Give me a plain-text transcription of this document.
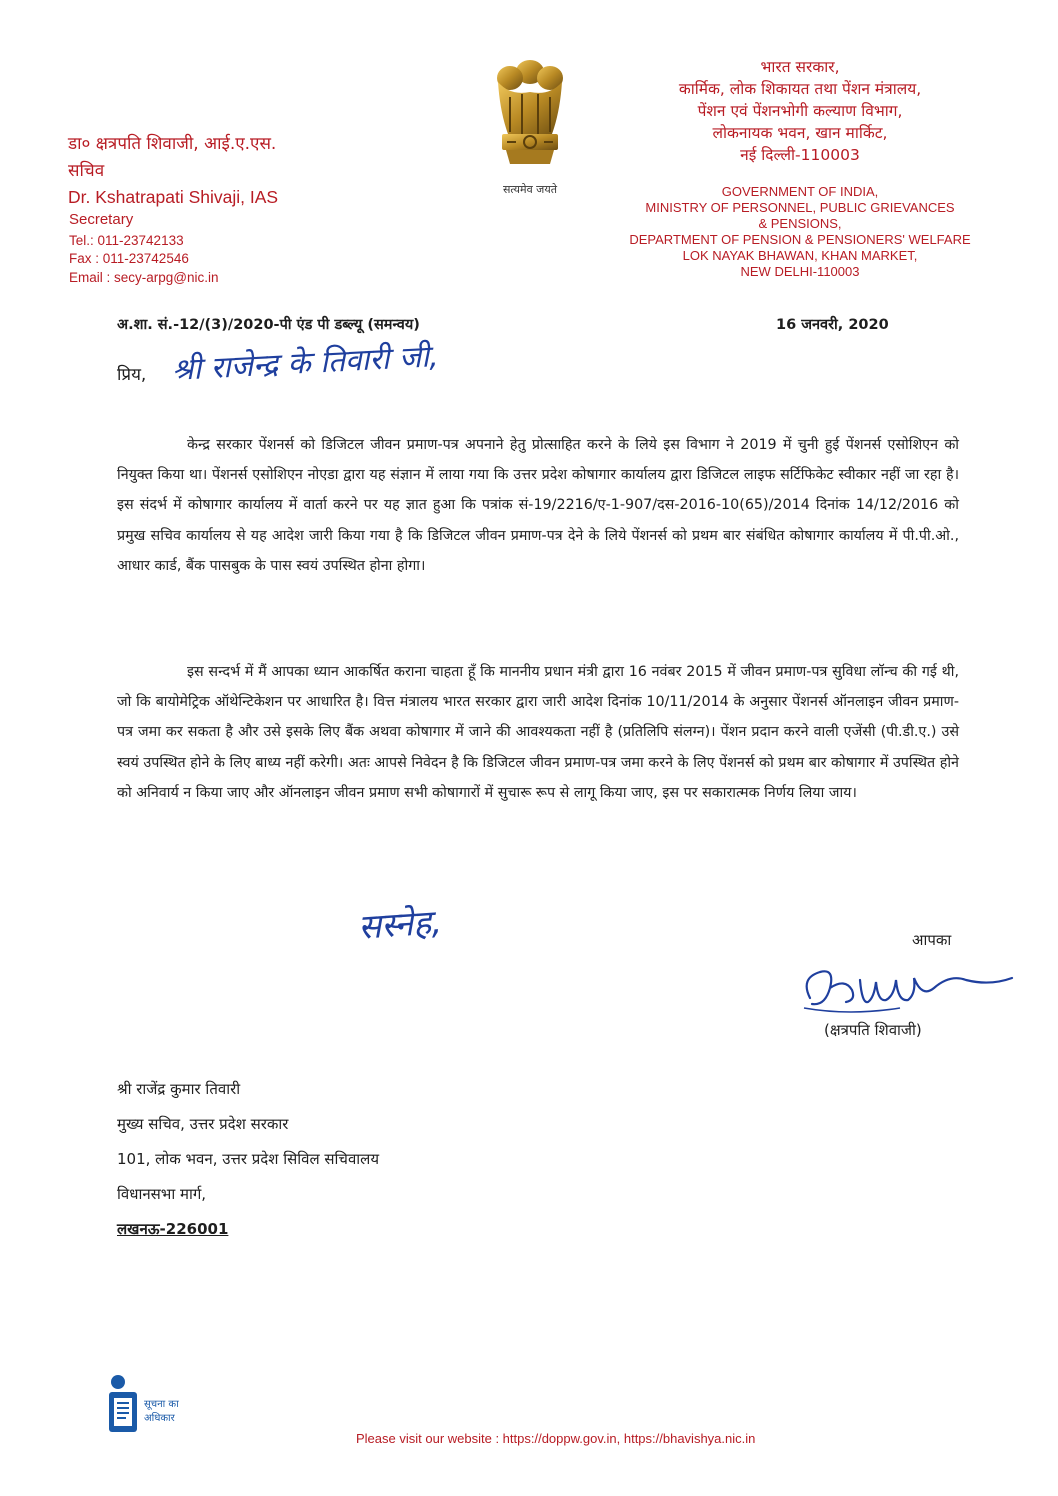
डा० क्षत्रपति शिवाजी, आई.ए.एस.
सचिव
Dr. Kshatrapati Shivaji, IAS
Secretary
Tel.: 011-23742133
Fax : 011-23742546
Email : secy-arpg@nic.in
सत्यमेव जयते
भारत सरकार,
कार्मिक, लोक शिकायत तथा पेंशन मंत्रालय,
पेंशन एवं पेंशनभोगी कल्याण विभाग,
लोकनायक भवन, खान मार्किट,
नई दिल्ली-110003
GOVERNMENT OF INDIA,
MINISTRY OF PERSONNEL, PUBLIC GRIEVANCES
& PENSIONS,
DEPARTMENT OF PENSION & PENSIONERS' WELFARE
LOK NAYAK BHAWAN, KHAN MARKET,
NEW DELHI-110003
अ.शा. सं.-12/(3)/2020-पी एंड पी डब्ल्यू (समन्वय)	16 जनवरी, 2020
प्रिय, श्री राजेन्द्र के तिवारी जी,
केन्द्र सरकार पेंशनर्स को डिजिटल जीवन प्रमाण-पत्र अपनाने हेतु प्रोत्साहित करने के लिये इस विभाग ने 2019 में चुनी हुई पेंशनर्स एसोशिएन को नियुक्त किया था। पेंशनर्स एसोशिएन नोएडा द्वारा यह संज्ञान में लाया गया कि उत्तर प्रदेश कोषागार कार्यालय द्वारा डिजिटल लाइफ सर्टिफिकेट स्वीकार नहीं जा रहा है। इस संदर्भ में कोषागार कार्यालय में वार्ता करने पर यह ज्ञात हुआ कि पत्रांक सं-19/2216/ए-1-907/दस-2016-10(65)/2014 दिनांक 14/12/2016 को प्रमुख सचिव कार्यालय से यह आदेश जारी किया गया है कि डिजिटल जीवन प्रमाण-पत्र देने के लिये पेंशनर्स को प्रथम बार संबंधित कोषागार कार्यालय में पी.पी.ओ., आधार कार्ड, बैंक पासबुक के पास स्वयं उपस्थित होना होगा।
इस सन्दर्भ में मैं आपका ध्यान आकर्षित कराना चाहता हूँ कि माननीय प्रधान मंत्री द्वारा 16 नवंबर 2015 में जीवन प्रमाण-पत्र सुविधा लॉन्च की गई थी, जो कि बायोमेट्रिक ऑथेन्टिकेशन पर आधारित है। वित्त मंत्रालय भारत सरकार द्वारा जारी आदेश दिनांक 10/11/2014 के अनुसार पेंशनर्स ऑनलाइन जीवन प्रमाण-पत्र जमा कर सकता है और उसे इसके लिए बैंक अथवा कोषागार में जाने की आवश्यकता नहीं है (प्रतिलिपि संलग्न)। पेंशन प्रदान करने वाली एजेंसी (पी.डी.ए.) उसे स्वयं उपस्थित होने के लिए बाध्य नहीं करेगी। अतः आपसे निवेदन है कि डिजिटल जीवन प्रमाण-पत्र जमा करने के लिए पेंशनर्स को प्रथम बार कोषागार में उपस्थित होने को अनिवार्य न किया जाए और ऑनलाइन जीवन प्रमाण सभी कोषागारों में सुचारू रूप से लागू किया जाए, इस पर सकारात्मक निर्णय लिया जाय।
सस्नेह,	आपका
(क्षत्रपति शिवाजी)
श्री राजेंद्र कुमार तिवारी
मुख्य सचिव, उत्तर प्रदेश सरकार
101, लोक भवन, उत्तर प्रदेश सिविल सचिवालय
विधानसभा मार्ग,
लखनऊ-226001
सूचना का
अधिकार
Please visit our website : https://doppw.gov.in, https://bhavishya.nic.in
